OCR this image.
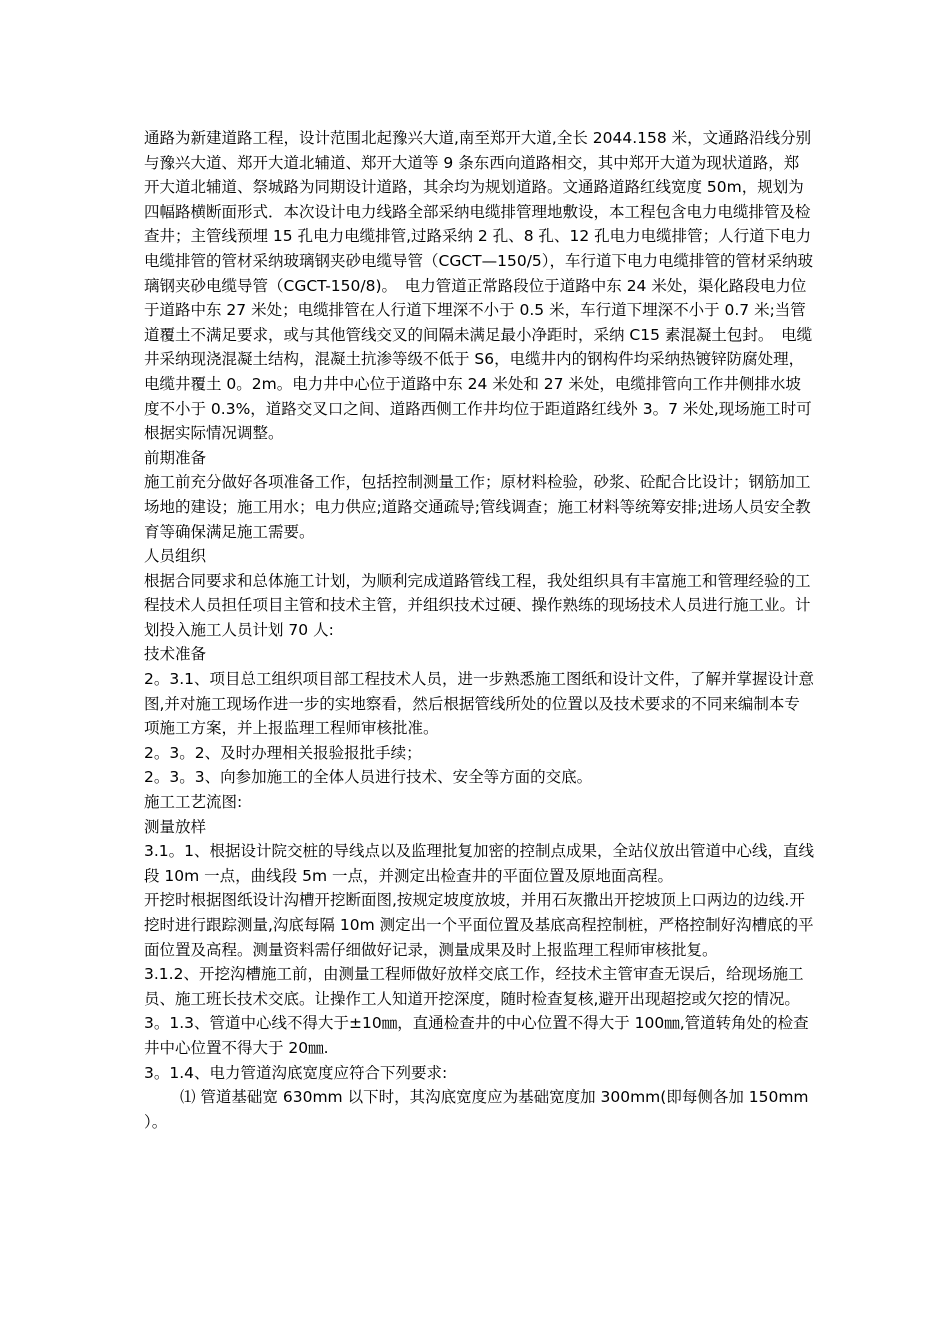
通路为新建道路工程，设计范围北起豫兴大道,南至郑开大道,全长 2044.158 米，文通路沿线分别与豫兴大道、郑开大道北辅道、郑开大道等 9 条东西向道路相交，其中郑开大道为现状道路，郑开大道北辅道、祭城路为同期设计道路，其余均为规划道路。文通路道路红线宽度 50m，规划为四幅路横断面形式．本次设计电力线路全部采纳电缆排管理地敷设，本工程包含电力电缆排管及检查井；主管线预埋 15 孔电力电缆排管,过路采纳 2 孔、8 孔、12 孔电力电缆排管；人行道下电力电缆排管的管材采纳玻璃钢夹砂电缆导管（CGCT—150/5），车行道下电力电缆排管的管材采纳玻璃钢夹砂电缆导管（CGCT-150/8)。　电力管道正常路段位于道路中东 24 米处，渠化路段电力位于道路中东 27 米处；电缆排管在人行道下埋深不小于 0.5 米，车行道下埋深不小于 0.7 米;当管道覆土不满足要求，或与其他管线交叉的间隔未满足最小净距时，采纳 C15 素混凝土包封。　电缆井采纳现浇混凝土结构，混凝土抗渗等级不低于 S6，电缆井内的钢构件均采纳热镀锌防腐处理，电缆井覆土 0。2m。电力井中心位于道路中东 24 米处和 27 米处，电缆排管向工作井侧排水坡度不小于 0.3%，道路交叉口之间、道路西侧工作井均位于距道路红线外 3。7 米处,现场施工时可根据实际情况调整。

前期准备

施工前充分做好各项准备工作，包括控制测量工作；原材料检验，砂浆、砼配合比设计；钢筋加工场地的建设；施工用水；电力供应;道路交通疏导;管线调查；施工材料等统筹安排;进场人员安全教育等确保满足施工需要。

人员组织

根据合同要求和总体施工计划，为顺利完成道路管线工程，我处组织具有丰富施工和管理经验的工程技术人员担任项目主管和技术主管，并组织技术过硬、操作熟练的现场技术人员进行施工业。计划投入施工人员计划 70 人:

技术准备

2。3.1、项目总工组织项目部工程技术人员，进一步熟悉施工图纸和设计文件，了解并掌握设计意图,并对施工现场作进一步的实地察看，然后根据管线所处的位置以及技术要求的不同来编制本专项施工方案，并上报监理工程师审核批准。

2。3。2、及时办理相关报验报批手续；

2。3。3、向参加施工的全体人员进行技术、安全等方面的交底。

施工工艺流图:

测量放样

3.1。1、根据设计院交桩的导线点以及监理批复加密的控制点成果，全站仪放出管道中心线，直线段 10m 一点，曲线段 5m 一点，并测定出检查井的平面位置及原地面高程。

开挖时根据图纸设计沟槽开挖断面图,按规定坡度放坡，并用石灰撒出开挖坡顶上口两边的边线.开挖时进行跟踪测量,沟底每隔 10m 测定出一个平面位置及基底高程控制桩，严格控制好沟槽底的平面位置及高程。测量资料需仔细做好记录，测量成果及时上报监理工程师审核批复。

3.1.2、开挖沟槽施工前，由测量工程师做好放样交底工作，经技术主管审查无误后，给现场施工员、施工班长技术交底。让操作工人知道开挖深度，随时检查复核,避开出现超挖或欠挖的情况。

3。1.3、管道中心线不得大于±10㎜，直通检查井的中心位置不得大于 100㎜,管道转角处的检查井中心位置不得大于 20㎜.

3。1.4、电力管道沟底宽度应符合下列要求:

⑴ 管道基础宽 630mm 以下时，其沟底宽度应为基础宽度加 300mm(即每侧各加 150mm）。
